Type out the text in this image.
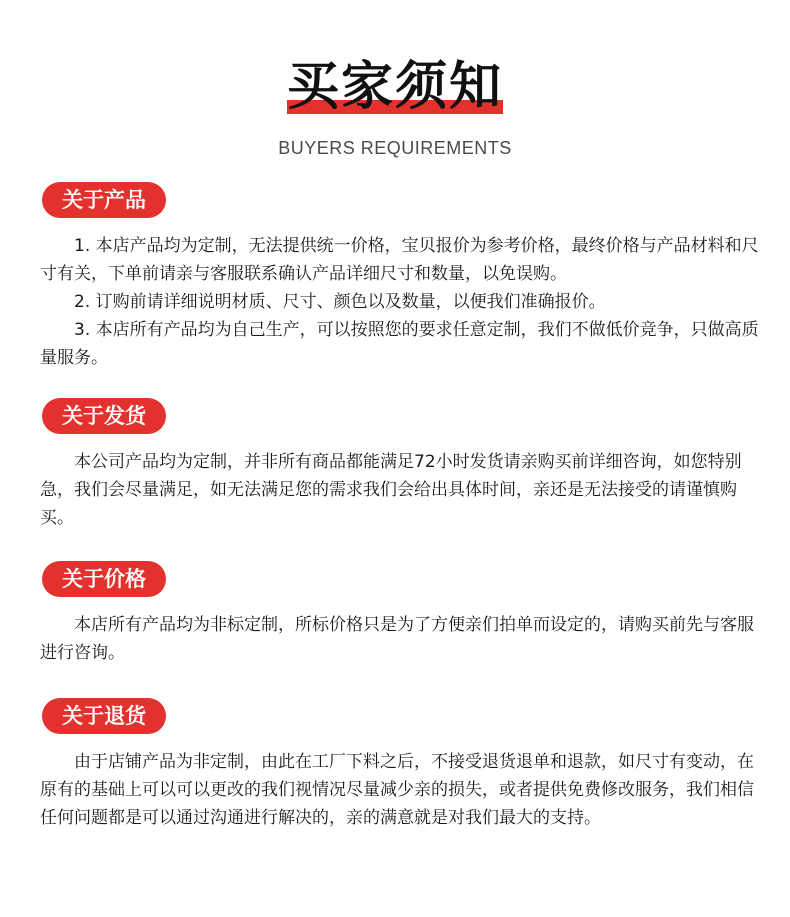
买家须知
BUYERS REQUIREMENTS
关于产品

1. 本店产品均为定制，无法提供统一价格，宝贝报价为参考价格，最终价格与产品材料和尺寸有关，下单前请亲与客服联系确认产品详细尺寸和数量，以免误购。

2. 订购前请详细说明材质、尺寸、颜色以及数量，以便我们准确报价。

3. 本店所有产品均为自己生产，可以按照您的要求任意定制，我们不做低价竞争，只做高质量服务。

关于发货

本公司产品均为定制，并非所有商品都能满足72小时发货请亲购买前详细咨询，如您特别急，我们会尽量满足，如无法满足您的需求我们会给出具体时间，亲还是无法接受的请谨慎购买。

关于价格

本店所有产品均为非标定制，所标价格只是为了方便亲们拍单而设定的，请购买前先与客服进行咨询。

关于退货

由于店铺产品为非定制，由此在工厂下料之后，不接受退货退单和退款，如尺寸有变动，在原有的基础上可以可以更改的我们视情况尽量减少亲的损失，或者提供免费修改服务，我们相信任何问题都是可以通过沟通进行解决的，亲的满意就是对我们最大的支持。
